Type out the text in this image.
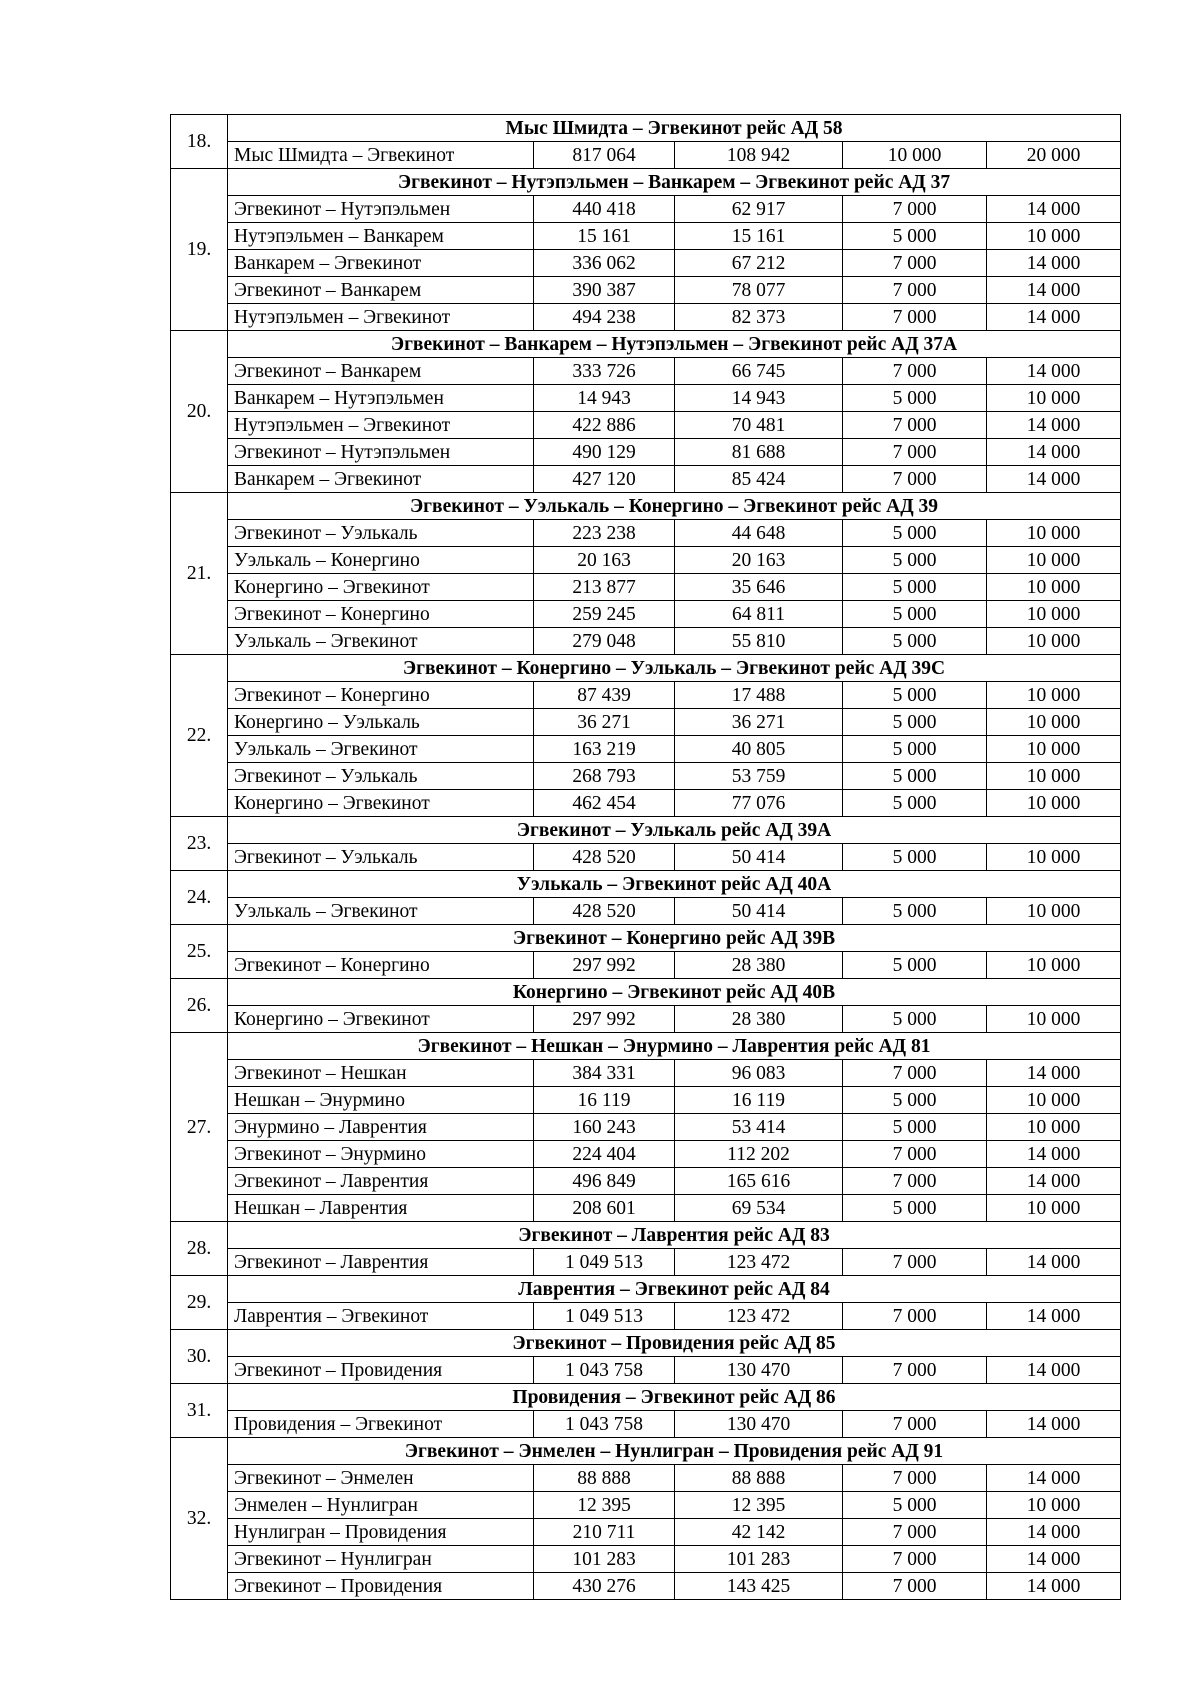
18.	Мыс Шмидта – Эгвекинот рейс АД 58				
	Мыс Шмидта – Эгвекинот	817 064	108 942	10 000	20 000
19.	Эгвекинот – Нутэпэльмен – Ванкарем – Эгвекинот рейс АД 37				
	Эгвекинот – Нутэпэльмен	440 418	62 917	7 000	14 000
	Нутэпэльмен – Ванкарем	15 161	15 161	5 000	10 000
	Ванкарем – Эгвекинот	336 062	67 212	7 000	14 000
	Эгвекинот – Ванкарем	390 387	78 077	7 000	14 000
	Нутэпэльмен – Эгвекинот	494 238	82 373	7 000	14 000
20.	Эгвекинот – Ванкарем – Нутэпэльмен – Эгвекинот рейс АД 37А				
	Эгвекинот – Ванкарем	333 726	66 745	7 000	14 000
	Ванкарем – Нутэпэльмен	14 943	14 943	5 000	10 000
	Нутэпэльмен – Эгвекинот	422 886	70 481	7 000	14 000
	Эгвекинот – Нутэпэльмен	490 129	81 688	7 000	14 000
	Ванкарем – Эгвекинот	427 120	85 424	7 000	14 000
21.	Эгвекинот – Уэлькаль – Конергино – Эгвекинот рейс АД 39				
	Эгвекинот – Уэлькаль	223 238	44 648	5 000	10 000
	Уэлькаль – Конергино	20 163	20 163	5 000	10 000
	Конергино – Эгвекинот	213 877	35 646	5 000	10 000
	Эгвекинот – Конергино	259 245	64 811	5 000	10 000
	Уэлькаль – Эгвекинот	279 048	55 810	5 000	10 000
22.	Эгвекинот – Конергино – Уэлькаль – Эгвекинот рейс АД 39С				
	Эгвекинот – Конергино	87 439	17 488	5 000	10 000
	Конергино – Уэлькаль	36 271	36 271	5 000	10 000
	Уэлькаль – Эгвекинот	163 219	40 805	5 000	10 000
	Эгвекинот – Уэлькаль	268 793	53 759	5 000	10 000
	Конергино – Эгвекинот	462 454	77 076	5 000	10 000
23.	Эгвекинот – Уэлькаль рейс АД 39А				
	Эгвекинот – Уэлькаль	428 520	50 414	5 000	10 000
24.	Уэлькаль – Эгвекинот рейс АД 40А				
	Уэлькаль – Эгвекинот	428 520	50 414	5 000	10 000
25.	Эгвекинот – Конергино рейс АД 39В				
	Эгвекинот – Конергино	297 992	28 380	5 000	10 000
26.	Конергино – Эгвекинот рейс АД 40В				
	Конергино – Эгвекинот	297 992	28 380	5 000	10 000
27.	Эгвекинот – Нешкан – Энурмино – Лаврентия рейс АД 81				
	Эгвекинот – Нешкан	384 331	96 083	7 000	14 000
	Нешкан – Энурмино	16 119	16 119	5 000	10 000
	Энурмино – Лаврентия	160 243	53 414	5 000	10 000
	Эгвекинот – Энурмино	224 404	112 202	7 000	14 000
	Эгвекинот – Лаврентия	496 849	165 616	7 000	14 000
	Нешкан – Лаврентия	208 601	69 534	5 000	10 000
28.	Эгвекинот – Лаврентия рейс АД 83				
	Эгвекинот – Лаврентия	1 049 513	123 472	7 000	14 000
29.	Лаврентия – Эгвекинот рейс АД 84				
	Лаврентия – Эгвекинот	1 049 513	123 472	7 000	14 000
30.	Эгвекинот – Провидения рейс АД 85				
	Эгвекинот – Провидения	1 043 758	130 470	7 000	14 000
31.	Провидения – Эгвекинот рейс АД 86				
	Провидения – Эгвекинот	1 043 758	130 470	7 000	14 000
32.	Эгвекинот – Энмелен – Нунлигран – Провидения рейс АД 91				
	Эгвекинот – Энмелен	88 888	88 888	7 000	14 000
	Энмелен – Нунлигран	12 395	12 395	5 000	10 000
	Нунлигран – Провидения	210 711	42 142	7 000	14 000
	Эгвекинот – Нунлигран	101 283	101 283	7 000	14 000
	Эгвекинот – Провидения	430 276	143 425	7 000	14 000
